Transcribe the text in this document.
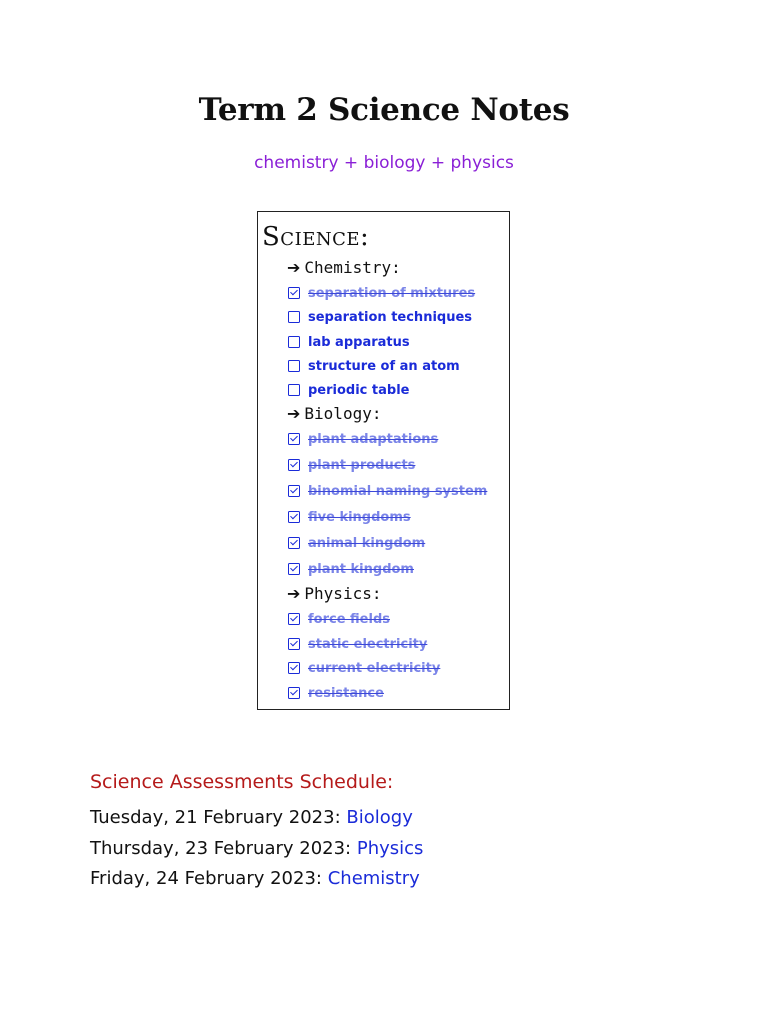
Term 2 Science Notes
chemistry + biology + physics
Science:
➔ Chemistry:
separation of mixtures
separation techniques
lab apparatus
structure of an atom
periodic table
➔ Biology:
plant adaptations
plant products
binomial naming system
five kingdoms
animal kingdom
plant kingdom
➔ Physics:
force fields
static electricity
current electricity
resistance
Science Assessments Schedule:
Tuesday, 21 February 2023: Biology
Thursday, 23 February 2023: Physics
Friday, 24 February 2023: Chemistry
